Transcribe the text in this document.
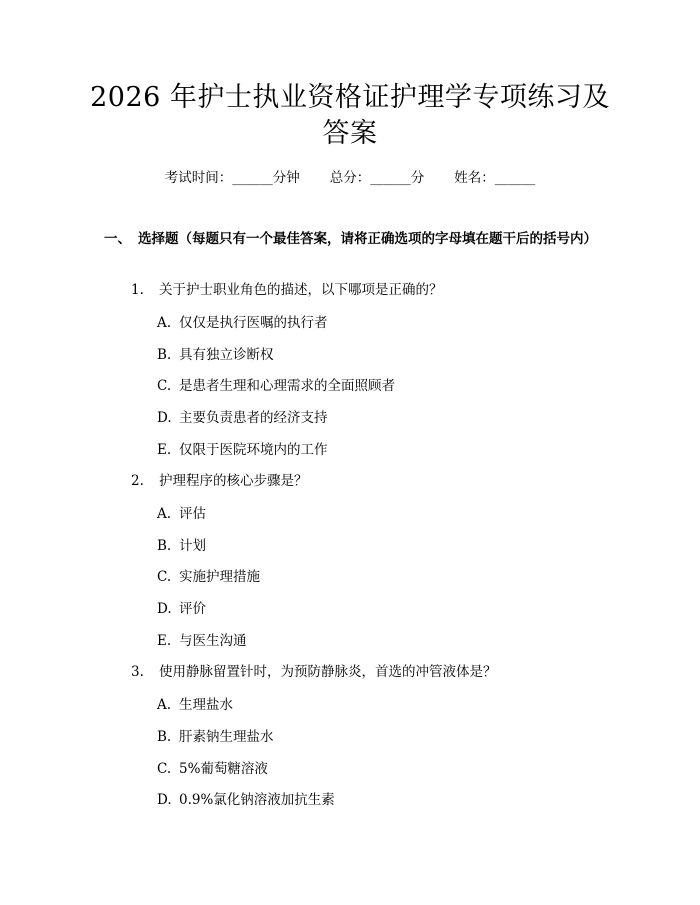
2026 年护士执业资格证护理学专项练习及答案
考试时间：______分钟 总分：______分 姓名：______
一、 选择题（每题只有一个最佳答案，请将正确选项的字母填在题干后的括号内）
1. 关于护士职业角色的描述，以下哪项是正确的？
A. 仅仅是执行医嘱的执行者
B. 具有独立诊断权
C. 是患者生理和心理需求的全面照顾者
D. 主要负责患者的经济支持
E. 仅限于医院环境内的工作
2. 护理程序的核心步骤是？
A. 评估
B. 计划
C. 实施护理措施
D. 评价
E. 与医生沟通
3. 使用静脉留置针时，为预防静脉炎，首选的冲管液体是？
A. 生理盐水
B. 肝素钠生理盐水
C. 5%葡萄糖溶液
D. 0.9%氯化钠溶液加抗生素
